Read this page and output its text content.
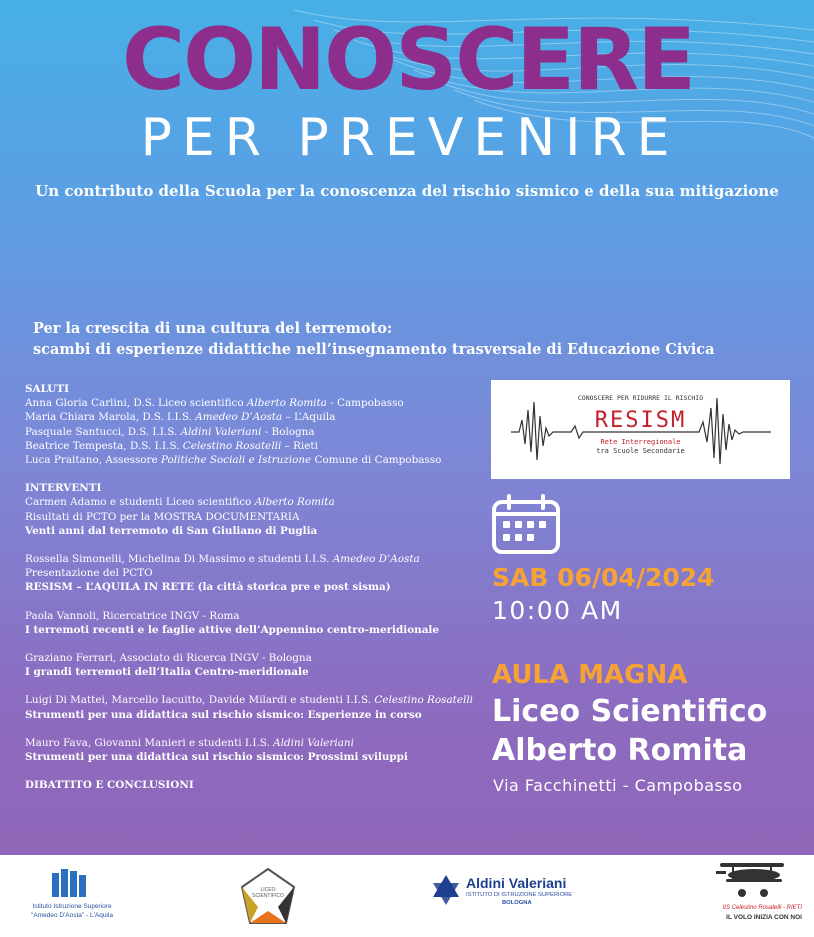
CONOSCERE
PER PREVENIRE
Un contributo della Scuola per la conoscenza del rischio sismico e della sua mitigazione
Per la crescita di una cultura del terremoto:
scambi di esperienze didattiche nell’insegnamento trasversale di Educazione Civica
SALUTI
Anna Gloria Carlini, D.S. Liceo scientifico Alberto Romita - Campobasso
Maria Chiara Marola, D.S. I.I.S. Amedeo D’Aosta – L’Aquila
Pasquale Santucci, D.S. I.I.S. Aldini Valeriani - Bologna
Beatrice Tempesta, D.S. I.I.S. Celestino Rosatelli – Rieti
Luca Praitano, Assessore Politiche Sociali e Istruzione Comune di Campobasso
INTERVENTI
Carmen Adamo e studenti Liceo scientifico Alberto Romita
Risultati di PCTO per la MOSTRA DOCUMENTARIA
Venti anni dal terremoto di San Giuliano di Puglia
Rossella Simonelli, Michelina Di Massimo e studenti I.I.S. Amedeo D’Aosta
Presentazione del PCTO
RESISM – L’AQUILA IN RETE (la città storica pre e post sisma)
Paola Vannoli, Ricercatrice INGV - Roma
I terremoti recenti e le faglie attive dell’Appennino centro-meridionale
Graziano Ferrari, Associato di Ricerca INGV - Bologna
I grandi terremoti dell’Italia Centro-meridionale
Luigi Di Mattei, Marcello Iacuitto, Davide Milardi e studenti I.I.S. Celestino Rosatelli
Strumenti per una didattica sul rischio sismico: Esperienze in corso
Mauro Fava, Giovanni Manieri e studenti I.I.S. Aldini Valeriani
Strumenti per una didattica sul rischio sismico: Prossimi sviluppi
DIBATTITO E CONCLUSIONI
CONOSCERE PER RIDURRE IL RISCHIO
RESISM
Rete Interregionale
tra Scuole Secondarie
SAB 06/04/2024
10:00 AM
AULA MAGNA
Liceo Scientifico
Alberto Romita
Via Facchinetti - Campobasso
Istituto Istruzione Superiore
"Amedeo D'Aosta" - L'Aquila
LICEO SCIENTIFICO
Aldini Valeriani
ISTITUTO DI ISTRUZIONE SUPERIORE
BOLOGNA
IIS Celestino Rosatelli - RIETI
IL VOLO INIZIA CON NOI
